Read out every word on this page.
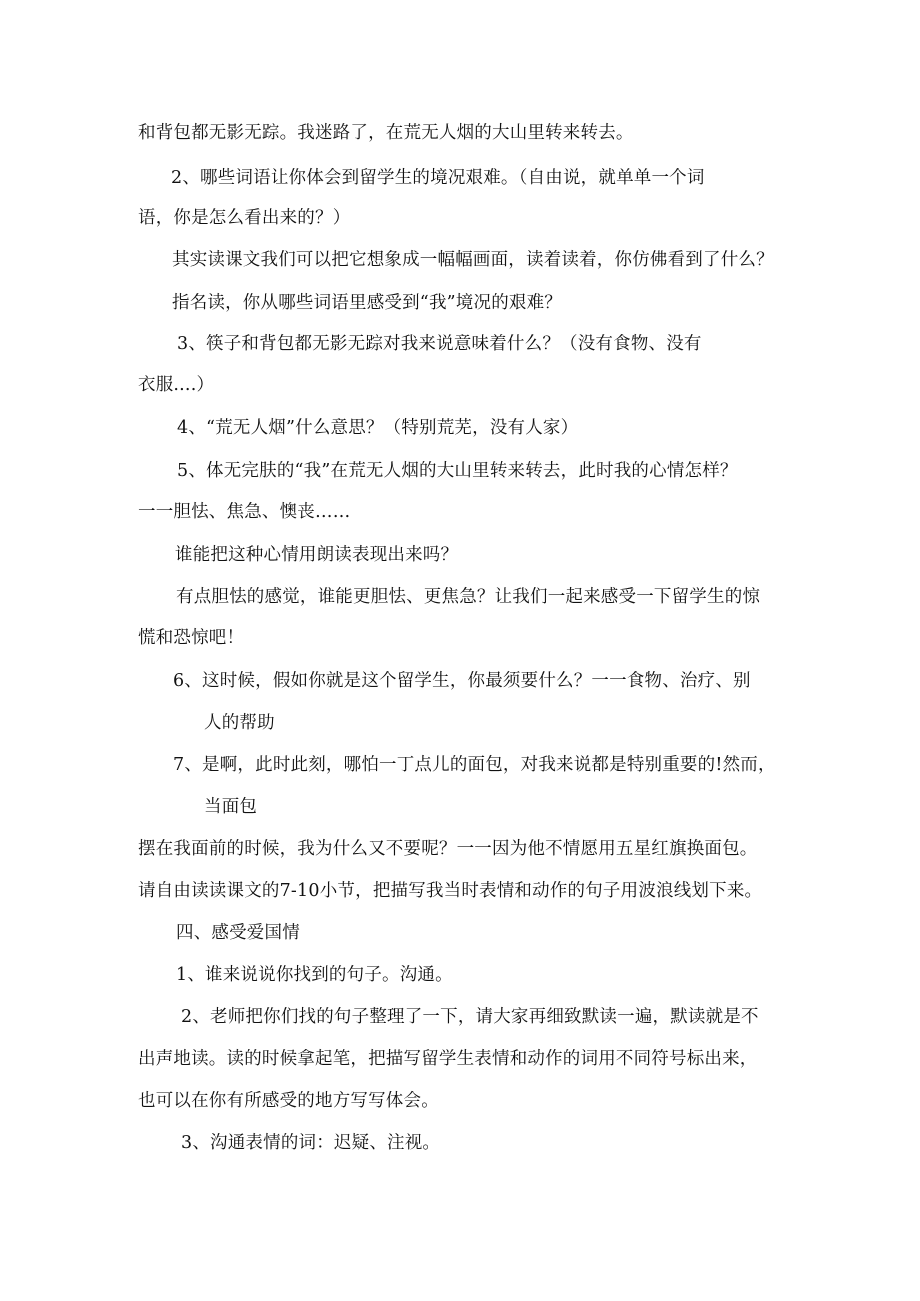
和背包都无影无踪。我迷路了，在荒无人烟的大山里转来转去。
2、哪些词语让你体会到留学生的境况艰难。（自由说，就单单一个词
语，你是怎么看出来的？）
其实读课文我们可以把它想象成一幅幅画面，读着读着，你仿佛看到了什么？
指名读，你从哪些词语里感受到“我”境况的艰难？
3、筷子和背包都无影无踪对我来说意味着什么？（没有食物、没有
衣服....）
4、“荒无人烟”什么意思？（特别荒芜，没有人家）
5、体无完肤的“我”在荒无人烟的大山里转来转去，此时我的心情怎样？
一一胆怯、焦急、懊丧……
谁能把这种心情用朗读表现出来吗？
有点胆怯的感觉，谁能更胆怯、更焦急？让我们一起来感受一下留学生的惊
慌和恐惊吧！
6、这时候，假如你就是这个留学生，你最须要什么？一一食物、治疗、别
人的帮助
7、是啊，此时此刻，哪怕一丁点儿的面包，对我来说都是特别重要的!然而，
当面包
摆在我面前的时候，我为什么又不要呢？一一因为他不情愿用五星红旗换面包。
请自由读读课文的7-10小节，把描写我当时表情和动作的句子用波浪线划下来。
四、感受爱国情
1、谁来说说你找到的句子。沟通。
2、老师把你们找的句子整理了一下，请大家再细致默读一遍，默读就是不
出声地读。读的时候拿起笔，把描写留学生表情和动作的词用不同符号标出来，
也可以在你有所感受的地方写写体会。
3、沟通表情的词：迟疑、注视。
